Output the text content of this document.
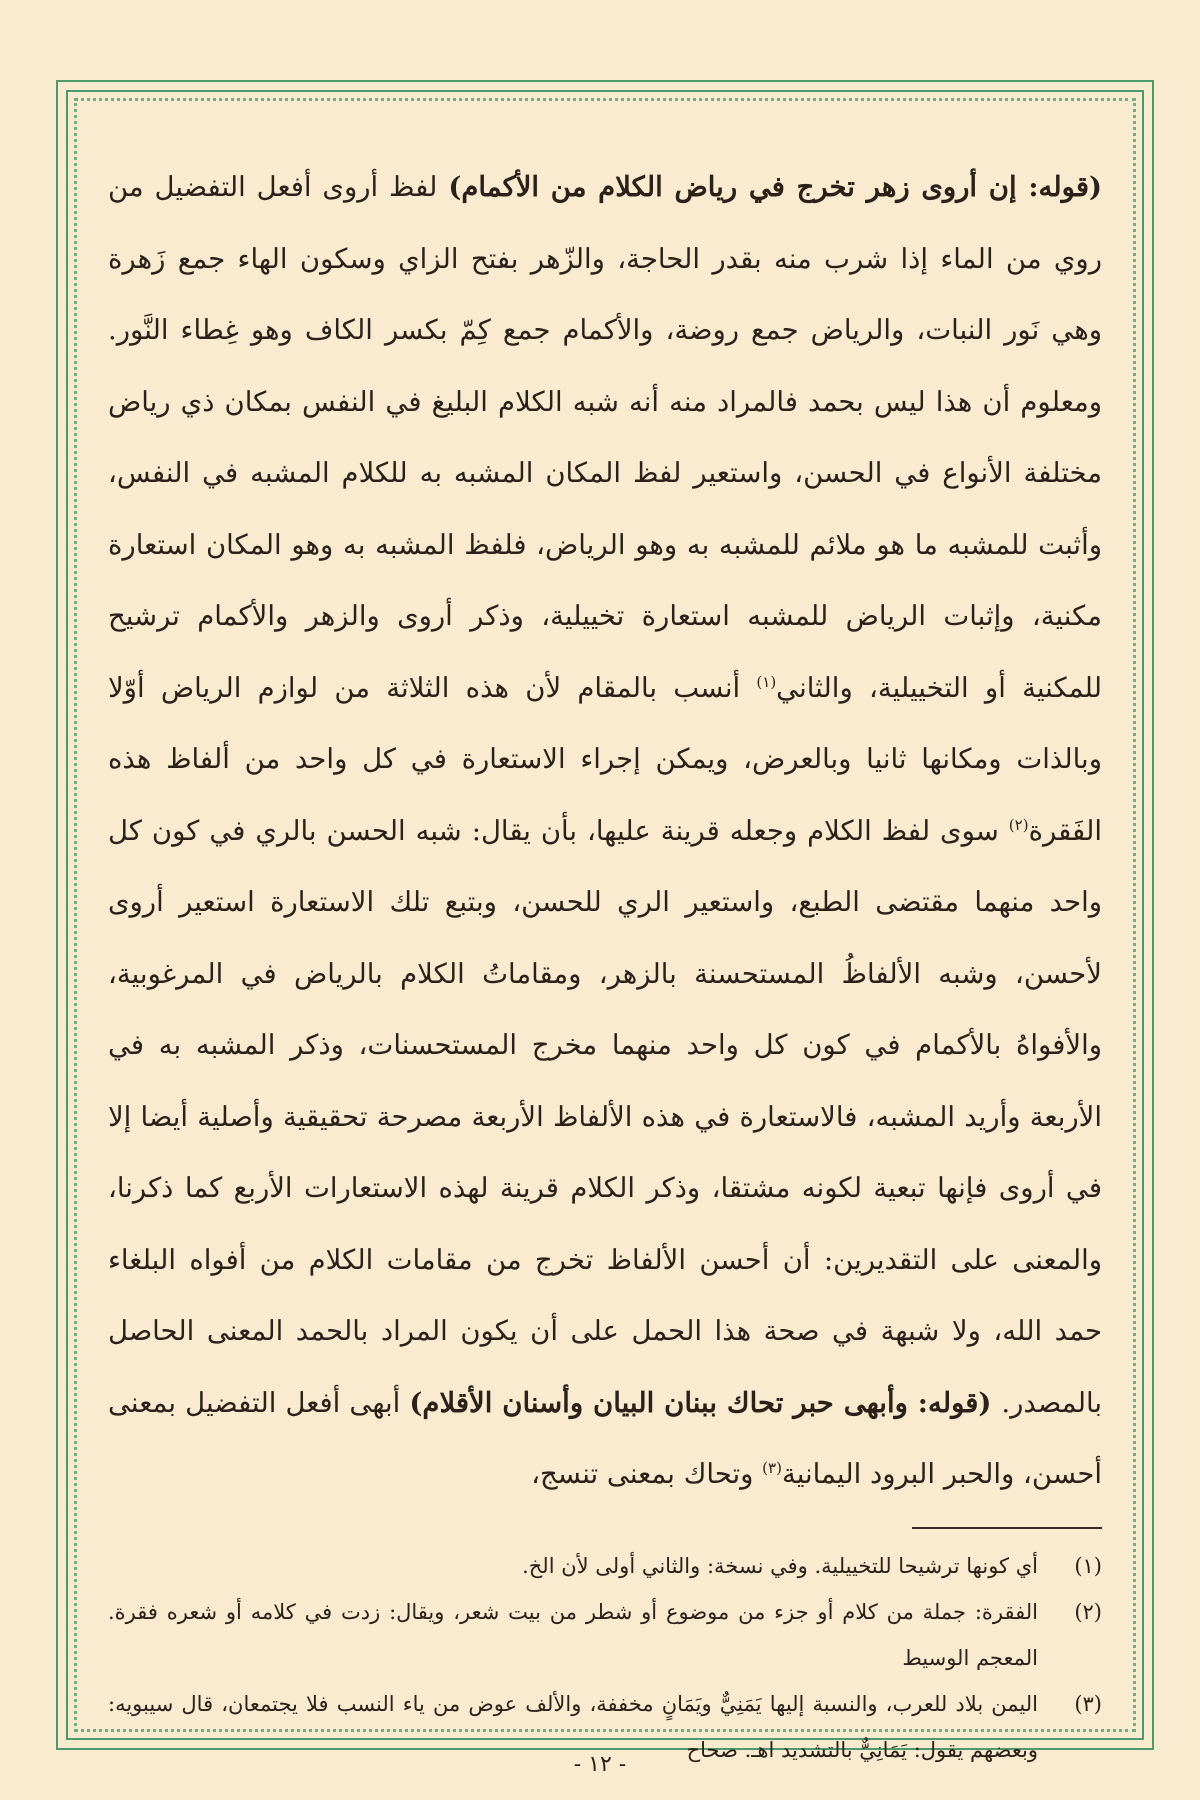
(قوله: إن أروى زهر تخرج في رياض الكلام من الأكمام) لفظ أروى أفعل التفضيل من روي من الماء إذا شرب منه بقدر الحاجة، والزّهر بفتح الزاي وسكون الهاء جمع زَهرة وهي نَور النبات، والرياض جمع روضة، والأكمام جمع كِمّ بكسر الكاف وهو غِطاء النَّور. ومعلوم أن هذا ليس بحمد فالمراد منه أنه شبه الكلام البليغ في النفس بمكان ذي رياض مختلفة الأنواع في الحسن، واستعير لفظ المكان المشبه به للكلام المشبه في النفس، وأثبت للمشبه ما هو ملائم للمشبه به وهو الرياض، فلفظ المشبه به وهو المكان استعارة مكنية، وإثبات الرياض للمشبه استعارة تخييلية، وذكر أروى والزهر والأكمام ترشيح للمكنية أو التخييلية، والثاني$^{(١)}$ أنسب بالمقام لأن هذه الثلاثة من لوازم الرياض أوّلا وبالذات ومكانها ثانيا وبالعرض، ويمكن إجراء الاستعارة في كل واحد من ألفاظ هذه الفَقرة$^{(٢)}$ سوى لفظ الكلام وجعله قرينة عليها، بأن يقال: شبه الحسن بالري في كون كل واحد منهما مقتضى الطبع، واستعير الري للحسن، وبتبع تلك الاستعارة استعير أروى لأحسن، وشبه الألفاظُ المستحسنة بالزهر، ومقاماتُ الكلام بالرياض في المرغوبية، والأفواهُ بالأكمام في كون كل واحد منهما مخرج المستحسنات، وذكر المشبه به في الأربعة وأريد المشبه، فالاستعارة في هذه الألفاظ الأربعة مصرحة تحقيقية وأصلية أيضا إلا في أروى فإنها تبعية لكونه مشتقا، وذكر الكلام قرينة لهذه الاستعارات الأربع كما ذكرنا، والمعنى على التقديرين: أن أحسن الألفاظ تخرج من مقامات الكلام من أفواه البلغاء حمد الله، ولا شبهة في صحة هذا الحمل على أن يكون المراد بالحمد المعنى الحاصل بالمصدر. (قوله: وأبهى حبر تحاك ببنان البيان وأسنان الأقلام) أبهى أفعل التفضيل بمعنى أحسن، والحبر البرود اليمانية$^{(٣)}$ وتحاك بمعنى تنسج،

(١)
أي كونها ترشيحا للتخييلية. وفي نسخة: والثاني أولى لأن الخ.
(٢)
الفقرة: جملة من كلام أو جزء من موضوع أو شطر من بيت شعر، ويقال: زدت في كلامه أو شعره فقرة. المعجم الوسيط
(٣)
اليمن بلاد للعرب، والنسبة إليها يَمَنِيٌّ ويَمَانٍ مخففة، والألف عوض من ياء النسب فلا يجتمعان، قال سيبويه: وبعضهم يقول: يَمَانِيٌّ بالتشديد اهـ. صحاح
- ١٢ -
